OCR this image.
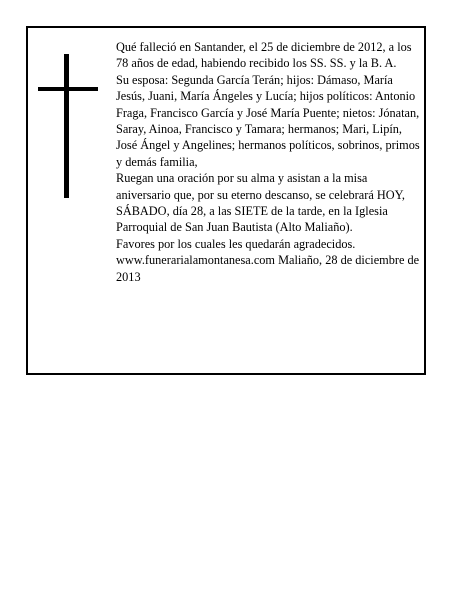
Qué falleció en Santander, el 25 de diciembre de 2012, a los 78 años de edad, habiendo recibido los SS. SS. y la B. A.

Su esposa: Segunda García Terán; hijos: Dámaso, María Jesús, Juani, María Ángeles y Lucía; hijos políticos: Antonio Fraga, Francisco García y José María Puente; nietos: Jónatan, Saray, Ainoa, Francisco y Tamara; hermanos; Mari, Lipín, José Ángel y Angelines; hermanos políticos, sobrinos, primos y demás familia,

Ruegan una oración por su alma y asistan a la misa aniversario que, por su eterno descanso, se celebrará HOY, SÁBADO, día 28, a las SIETE de la tarde, en la Iglesia Parroquial de San Juan Bautista (Alto Maliaño).

Favores por los cuales les quedarán agradecidos.

www.funerarialamontanesa.com Maliaño, 28 de diciembre de 2013
